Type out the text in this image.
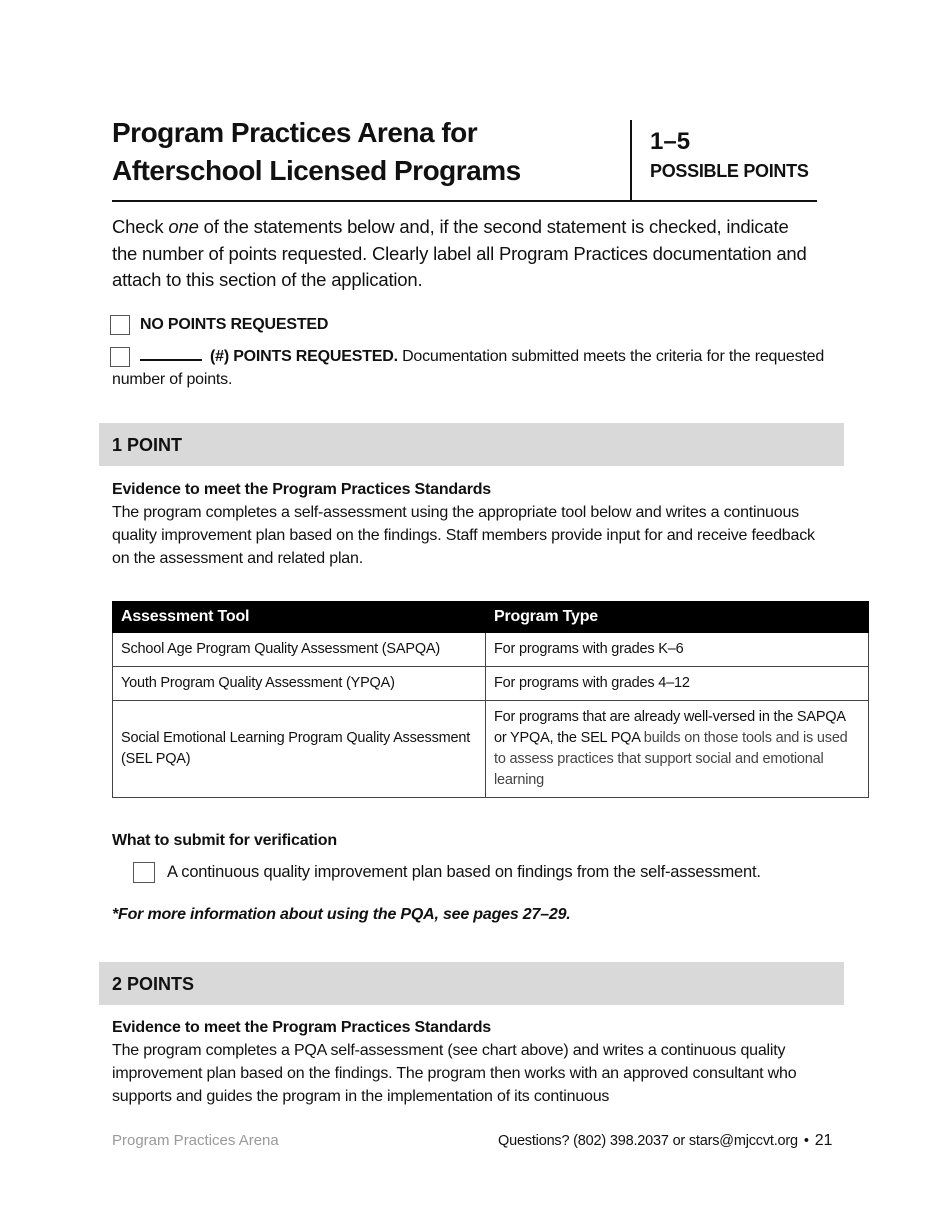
Program Practices Arena for
Afterschool Licensed Programs
1–5
POSSIBLE POINTS
Check one of the statements below and, if the second statement is checked, indicate the number of points requested. Clearly label all Program Practices documentation and attach to this section of the application.
NO POINTS REQUESTED
(#) POINTS REQUESTED. Documentation submitted meets the criteria for the requested number of points.
1 POINT
Evidence to meet the Program Practices Standards
The program completes a self-assessment using the appropriate tool below and writes a continuous quality improvement plan based on the findings. Staff members provide input for and receive feedback on the assessment and related plan.
Assessment Tool	Program Type
School Age Program Quality Assessment (SAPQA)	For programs with grades K–6
Youth Program Quality Assessment (YPQA)	For programs with grades 4–12
Social Emotional Learning Program Quality Assessment (SEL PQA)	For programs that are already well-versed in the SAPQA or YPQA, the SEL PQA builds on those tools and is used to assess practices that support social and emotional learning
What to submit for verification
A continuous quality improvement plan based on findings from the self-assessment.
*For more information about using the PQA, see pages 27–29.
2 POINTS
Evidence to meet the Program Practices Standards
The program completes a PQA self-assessment (see chart above) and writes a continuous quality improvement plan based on the findings. The program then works with an approved consultant who supports and guides the program in the implementation of its continuous
Program Practices Arena	Questions? (802) 398.2037 or stars@mjccvt.org • 21
